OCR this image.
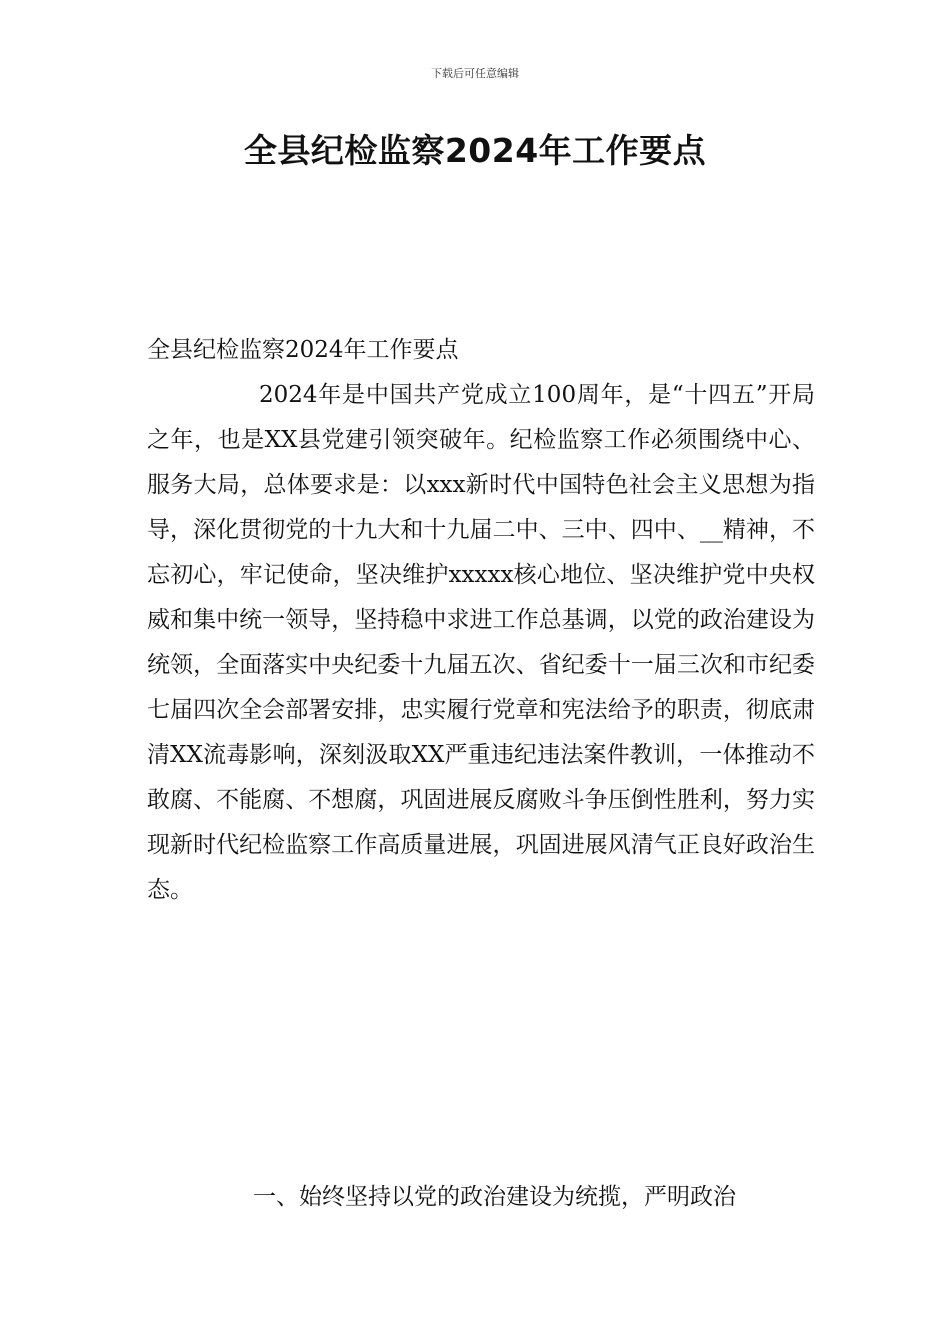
下载后可任意编辑
全县纪检监察2024年工作要点

全县纪检监察2024年工作要点

2024年是中国共产党成立100周年，是“十四五”开局之年，也是XX县党建引领突破年。纪检监察工作必须围绕中心、服务大局，总体要求是：以xxx新时代中国特色社会主义思想为指导，深化贯彻党的十九大和十九届二中、三中、四中、__精神，不忘初心，牢记使命，坚决维护xxxxx核心地位、坚决维护党中央权威和集中统一领导，坚持稳中求进工作总基调，以党的政治建设为统领，全面落实中央纪委十九届五次、省纪委十一届三次和市纪委七届四次全会部署安排，忠实履行党章和宪法给予的职责，彻底肃清XX流毒影响，深刻汲取XX严重违纪违法案件教训，一体推动不敢腐、不能腐、不想腐，巩固进展反腐败斗争压倒性胜利，努力实现新时代纪检监察工作高质量进展，巩固进展风清气正良好政治生态。

一、始终坚持以党的政治建设为统揽，严明政治
